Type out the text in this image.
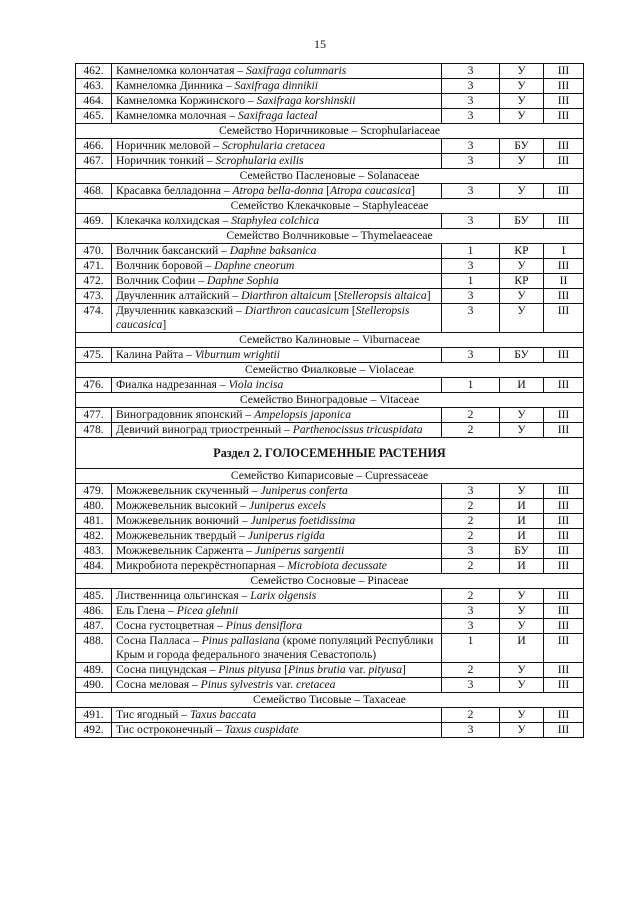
15
462.	Камнеломка колончатая – Saxifraga columnaris	3	У	III
463.	Камнеломка Динника – Saxifraga dinnikii	3	У	III
464.	Камнеломка Коржинского – Saxifraga korshinskii	3	У	III
465.	Камнеломка молочная – Saxifraga lacteal	3	У	III
Семейство Норичниковые – Scrophulariaceae				
466.	Норичник меловой – Scrophularia cretacea	3	БУ	III
467.	Норичник тонкий – Scrophularia exilis	3	У	III
Семейство Пасленовые – Solanaceae				
468.	Красавка белладонна – Atropa bella-donna [Atropa caucasica]	3	У	III
Семейство Клекачковые – Staphyleaceae				
469.	Клекачка колхидская – Staphylea colchica	3	БУ	III
Семейство Волчниковые – Thymelaeaceae				
470.	Волчник баксанский – Daphne baksanica	1	КР	I
471.	Волчник боровой – Daphne cneorum	3	У	III
472.	Волчник Софии – Daphne Sophia	1	КР	II
473.	Двучленник алтайский – Diarthron altaicum [Stelleropsis altaica]	3	У	III
474.	Двучленник кавказский – Diarthron caucasicum [Stelleropsis caucasica]	3	У	III
Семейство Калиновые – Viburnaceae				
475.	Калина Райта – Viburnum wrightii	3	БУ	III
Семейство Фиалковые – Violaceae				
476.	Фиалка надрезанная – Viola incisa	1	И	III
Семейство Виноградовые – Vitaceae				
477.	Виноградовник японский – Ampelopsis japonica	2	У	III
478.	Девичий виноград триостренный – Parthenocissus tricuspidata	2	У	III
Раздел 2. ГОЛОСЕМЕННЫЕ РАСТЕНИЯ				
Семейство Кипарисовые – Cupressaceae				
479.	Можжевельник скученный – Juniperus conferta	3	У	III
480.	Можжевельник высокий – Juniperus excels	2	И	III
481.	Можжевельник вонючий – Juniperus foetidissima	2	И	III
482.	Можжевельник твердый – Juniperus rigida	2	И	III
483.	Можжевельник Саржента – Juniperus sargentii	3	БУ	III
484.	Микробиота перекрёстнопарная – Microbiota decussate	2	И	III
Семейство Сосновые – Pinaceae				
485.	Лиственница ольгинская – Larix olgensis	2	У	III
486.	Ель Глена – Picea glehnii	3	У	III
487.	Сосна густоцветная – Pinus densiflora	3	У	III
488.	Сосна Палласа – Pinus pallasiana (кроме популяций Республики Крым и города федерального значения Севастополь)	1	И	III
489.	Сосна пицундская – Pinus pityusa [Pinus brutia var. pityusa]	2	У	III
490.	Сосна меловая – Pinus sylvestris var. cretacea	3	У	III
Семейство Тисовые – Taxaceae				
491.	Тис ягодный – Taxus baccata	2	У	III
492.	Тис остроконечный – Taxus cuspidate	3	У	III
